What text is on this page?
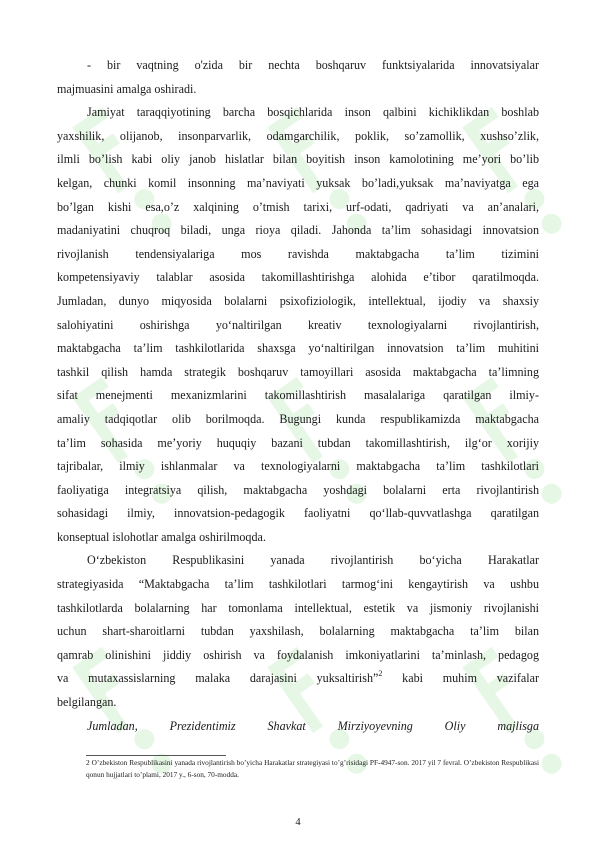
- bir vaqtning o'zida bir nechta boshqaruv funktsiyalarida innovatsiyalar

majmuasini amalga oshiradi.

Jamiyat taraqqiyotining barcha bosqichlarida inson qalbini kichiklikdan boshlab

yaxshilik, olijanob, insonparvarlik, odamgarchilik, poklik, so’zamollik, xushso’zlik,

ilmli bo’lish kabi oliy janob hislatlar bilan boyitish inson kamolotining me’yori bo’lib

kelgan, chunki komil insonning ma’naviyati yuksak bo’ladi,yuksak ma’naviyatga ega

bo’lgan kishi esa,o’z xalqining o’tmish tarixi, urf-odati, qadriyati va an’analari,

madaniyatini chuqroq biladi, unga rioya qiladi. Jahonda ta’lim sohasidagi innovatsion

rivojlanish tendensiyalariga mos ravishda maktabgacha ta’lim tizimini

kompetensiyaviy talablar asosida takomillashtirishga alohida e’tibor qaratilmoqda.

Jumladan, dunyo miqyosida bolalarni psixofiziologik, intellektual, ijodiy va shaxsiy

salohiyatini oshirishga yo‘naltirilgan kreativ texnologiyalarni rivojlantirish,

maktabgacha ta’lim tashkilotlarida shaxsga yo‘naltirilgan innovatsion ta’lim muhitini

tashkil qilish hamda strategik boshqaruv tamoyillari asosida maktabgacha ta’limning

sifat menejmenti mexanizmlarini takomillashtirish masalalariga qaratilgan ilmiy-

amaliy tadqiqotlar olib borilmoqda. Bugungi kunda respublikamizda maktabgacha

ta’lim sohasida me’yoriy huquqiy bazani tubdan takomillashtirish, ilg‘or xorijiy

tajribalar, ilmiy ishlanmalar va texnologiyalarni maktabgacha ta’lim tashkilotlari

faoliyatiga integratsiya qilish, maktabgacha yoshdagi bolalarni erta rivojlantirish

sohasidagi ilmiy, innovatsion-pedagogik faoliyatni qo‘llab-quvvatlashga qaratilgan

konseptual islohotlar amalga oshirilmoqda.

O‘zbekiston Respublikasini yanada rivojlantirish bo‘yicha Harakatlar

strategiyasida “Maktabgacha ta’lim tashkilotlari tarmog‘ini kengaytirish va ushbu

tashkilotlarda bolalarning har tomonlama intellektual, estetik va jismoniy rivojlanishi

uchun shart-sharoitlarni tubdan yaxshilash, bolalarning maktabgacha ta’lim bilan

qamrab olinishini jiddiy oshirish va foydalanish imkoniyatlarini ta’minlash, pedagog

va mutaxassislarning malaka darajasini yuksaltirish”$^2$ kabi muhim vazifalar

belgilangan.

Jumladan, Prezidentimiz Shavkat Mirziyoyevning Oliy majlisga

$^2$ O’zbekiston Respublikasini yanada rivojlantirish bo’yicha Harakatlar strategiyasi to’g’risidagi PF-4947-son. 2017 yil 7 fevral. O’zbekiston Respublikasi qonun hujjatlari to’plami, 2017 y., 6-son, 70-modda.

4
